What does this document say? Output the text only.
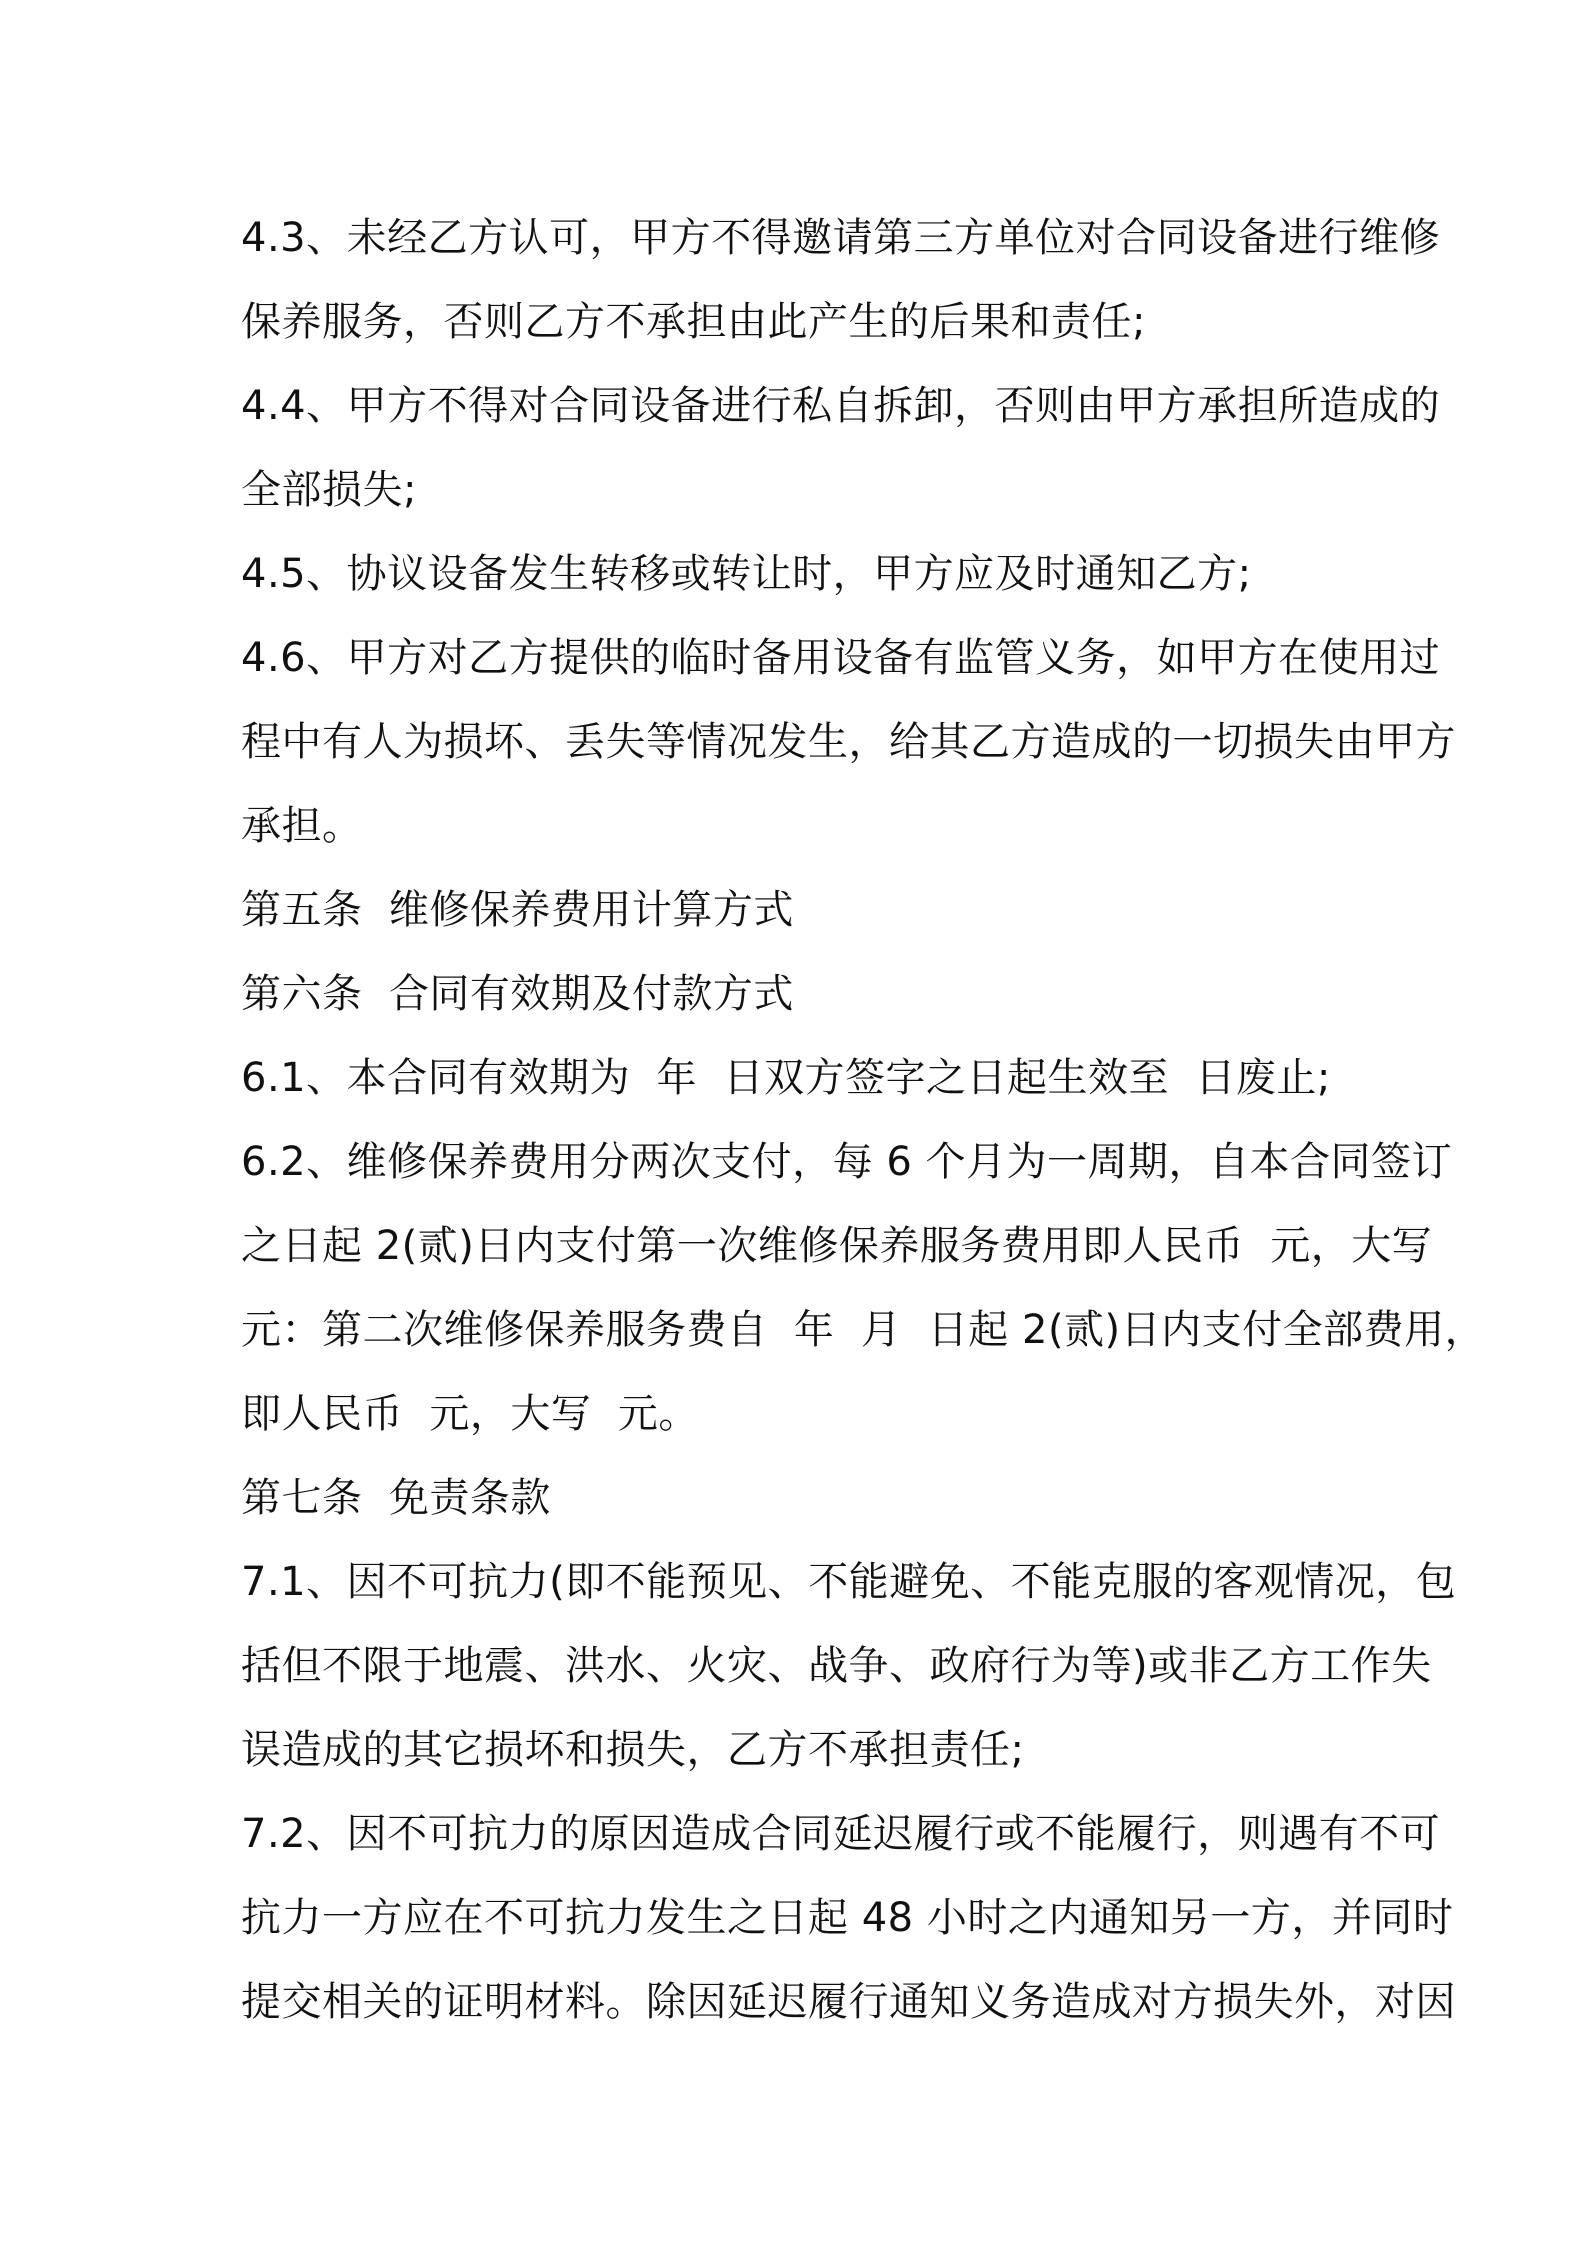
4.3、未经乙方认可，甲方不得邀请第三方单位对合同设备进行维修
保养服务，否则乙方不承担由此产生的后果和责任;
4.4、甲方不得对合同设备进行私自拆卸，否则由甲方承担所造成的
全部损失;
4.5、协议设备发生转移或转让时，甲方应及时通知乙方;
4.6、甲方对乙方提供的临时备用设备有监管义务，如甲方在使用过
程中有人为损坏、丢失等情况发生，给其乙方造成的一切损失由甲方
承担。
第五条  维修保养费用计算方式
第六条  合同有效期及付款方式
6.1、本合同有效期为  年  日双方签字之日起生效至  日废止;
6.2、维修保养费用分两次支付，每 6 个月为一周期，自本合同签订
之日起 2(贰)日内支付第一次维修保养服务费用即人民币  元，大写
元：第二次维修保养服务费自  年  月  日起 2(贰)日内支付全部费用，
即人民币  元，大写  元。
第七条  免责条款
7.1、因不可抗力(即不能预见、不能避免、不能克服的客观情况，包
括但不限于地震、洪水、火灾、战争、政府行为等)或非乙方工作失
误造成的其它损坏和损失，乙方不承担责任;
7.2、因不可抗力的原因造成合同延迟履行或不能履行，则遇有不可
抗力一方应在不可抗力发生之日起 48 小时之内通知另一方，并同时
提交相关的证明材料。除因延迟履行通知义务造成对方损失外，对因
